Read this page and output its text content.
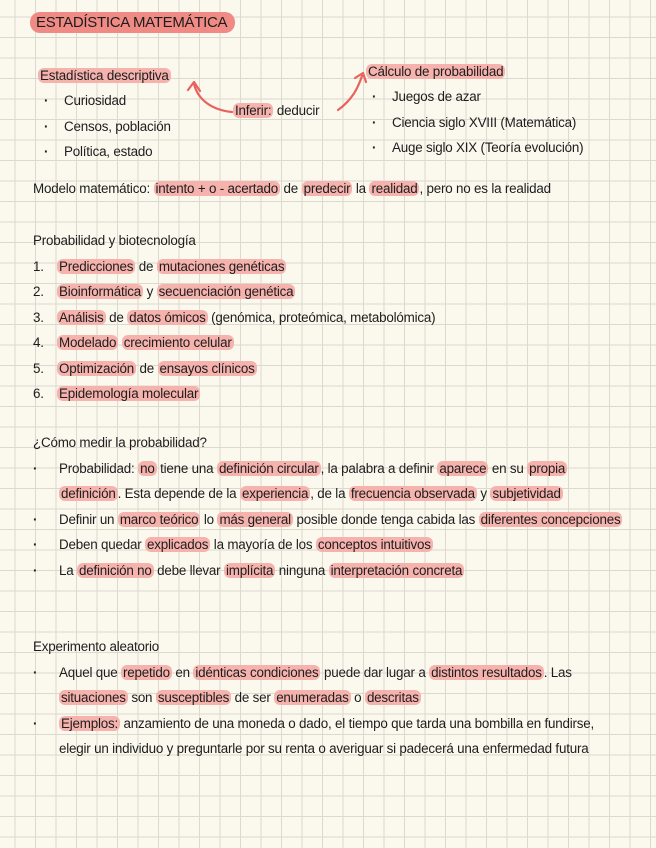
ESTADÍSTICA MATEMÁTICA
Estadística descriptiva
· Curiosidad
· Censos, población
· Política, estado
Inferir: deducir
Cálculo de probabilidad
· Juegos de azar
· Ciencia siglo XVIII (Matemática)
· Auge siglo XIX (Teoría evolución)
Modelo matemático: intento + o - acertado de predecir la realidad , pero no es la realidad
Probabilidad y biotecnología
1. Predicciones de mutaciones genéticas
2. Bioinformática y secuenciación genética
3. Análisis de datos ómicos (genómica, proteómica, metabolómica)
4. Modelado crecimiento celular
5. Optimización de ensayos clínicos
6. Epidemología molecular
¿Cómo medir la probabilidad?
· Probabilidad: no tiene una definición circular , la palabra a definir aparece en su propia definición . Esta depende de la experiencia , de la frecuencia observada y subjetividad
· Definir un marco teórico lo más general posible donde tenga cabida las diferentes concepciones
· Deben quedar explicados la mayoría de los conceptos intuitivos
· La definición no debe llevar implícita ninguna interpretación concreta
Experimento aleatorio
· Aquel que repetido en idénticas condiciones puede dar lugar a distintos resultados . Las situaciones son susceptibles de ser enumeradas o descritas
· Ejemplos: anzamiento de una moneda o dado, el tiempo que tarda una bombilla en fundirse, elegir un individuo y preguntarle por su renta o averiguar si padecerá una enfermedad futura
